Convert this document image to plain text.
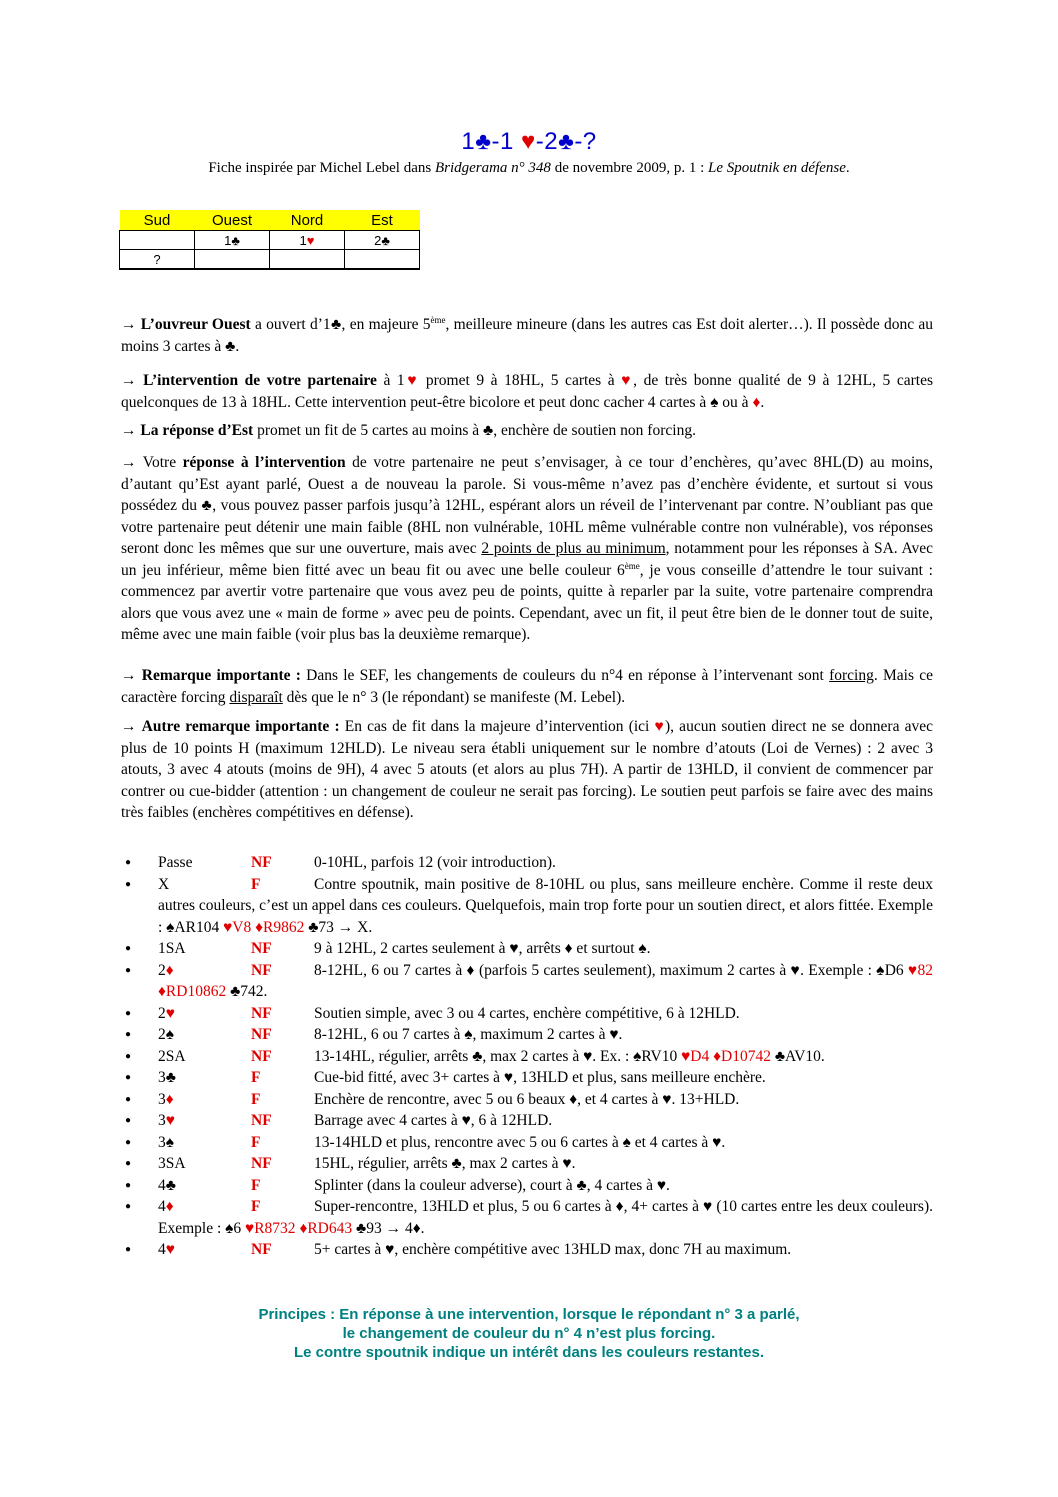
1♣-1 ♥-2♣-?
Fiche inspirée par Michel Lebel dans Bridgerama n° 348 de novembre 2009, p. 1 : Le Spoutnik en défense.
Sud	Ouest	Nord	Est
	1♣	1♥	2♣
?			
→ L’ouvreur Ouest a ouvert d’1♣, en majeure 5ème, meilleure mineure (dans les autres cas Est doit alerter…). Il possède donc au moins 3 cartes à ♣.
→ L’intervention de votre partenaire à 1♥ promet 9 à 18HL, 5 cartes à ♥, de très bonne qualité de 9 à 12HL, 5 cartes quelconques de 13 à 18HL. Cette intervention peut-être bicolore et peut donc cacher 4 cartes à ♠ ou à ♦.
→ La réponse d’Est promet un fit de 5 cartes au moins à ♣, enchère de soutien non forcing.
→ Votre réponse à l’intervention de votre partenaire ne peut s’envisager, à ce tour d’enchères, qu’avec 8HL(D) au moins, d’autant qu’Est ayant parlé, Ouest a de nouveau la parole. Si vous-même n’avez pas d’enchère évidente, et surtout si vous possédez du ♣, vous pouvez passer parfois jusqu’à 12HL, espérant alors un réveil de l’intervenant par contre. N’oubliant pas que votre partenaire peut détenir une main faible (8HL non vulnérable, 10HL même vulnérable contre non vulnérable), vos réponses seront donc les mêmes que sur une ouverture, mais avec 2 points de plus au minimum, notamment pour les réponses à SA. Avec un jeu inférieur, même bien fitté avec un beau fit ou avec une belle couleur 6ème, je vous conseille d’attendre le tour suivant : commencez par avertir votre partenaire que vous avez peu de points, quitte à reparler par la suite, votre partenaire comprendra alors que vous avez une « main de forme » avec peu de points. Cependant, avec un fit, il peut être bien de le donner tout de suite, même avec une main faible (voir plus bas la deuxième remarque).
→ Remarque importante : Dans le SEF, les changements de couleurs du n°4 en réponse à l’intervenant sont forcing. Mais ce caractère forcing disparaît dès que le n° 3 (le répondant) se manifeste (M. Lebel).
→ Autre remarque importante : En cas de fit dans la majeure d’intervention (ici ♥), aucun soutien direct ne se donnera avec plus de 10 points H (maximum 12HLD). Le niveau sera établi uniquement sur le nombre d’atouts (Loi de Vernes) : 2 avec 3 atouts, 3 avec 4 atouts (moins de 9H), 4 avec 5 atouts (et alors au plus 7H). A partir de 13HLD, il convient de commencer par contrer ou cue-bidder (attention : un changement de couleur ne serait pas forcing). Le soutien peut parfois se faire avec des mains très faibles (enchères compétitives en défense).
● Passe	NF	0-10HL, parfois 12 (voir introduction).
● X	F	Contre spoutnik, main positive de 8-10HL ou plus, sans meilleure enchère. Comme il reste deux autres couleurs, c’est un appel dans ces couleurs. Quelquefois, main trop forte pour un soutien direct, et alors fittée. Exemple : ♠AR104 ♥V8 ♦R9862 ♣73 → X.
● 1SA	NF	9 à 12HL, 2 cartes seulement à ♥, arrêts ♦ et surtout ♠.
● 2♦	NF	8-12HL, 6 ou 7 cartes à ♦ (parfois 5 cartes seulement), maximum 2 cartes à ♥. Exemple : ♠D6 ♥82 ♦RD10862 ♣742.
● 2♥	NF	Soutien simple, avec 3 ou 4 cartes, enchère compétitive, 6 à 12HLD.
● 2♠	NF	8-12HL, 6 ou 7 cartes à ♠, maximum 2 cartes à ♥.
● 2SA	NF	13-14HL, régulier, arrêts ♣, max 2 cartes à ♥. Ex. : ♠RV10 ♥D4 ♦D10742 ♣AV10.
● 3♣	F	Cue-bid fitté, avec 3+ cartes à ♥, 13HLD et plus, sans meilleure enchère.
● 3♦	F	Enchère de rencontre, avec 5 ou 6 beaux ♦, et 4 cartes à ♥. 13+HLD.
● 3♥	NF	Barrage avec 4 cartes à ♥, 6 à 12HLD.
● 3♠	F	13-14HLD et plus, rencontre avec 5 ou 6 cartes à ♠ et 4 cartes à ♥.
● 3SA	NF	15HL, régulier, arrêts ♣, max 2 cartes à ♥.
● 4♣	F	Splinter (dans la couleur adverse), court à ♣, 4 cartes à ♥.
● 4♦	F	Super-rencontre, 13HLD et plus, 5 ou 6 cartes à ♦, 4+ cartes à ♥ (10 cartes entre les deux couleurs). Exemple : ♠6 ♥R8732 ♦RD643 ♣93 → 4♦.
● 4♥	NF	5+ cartes à ♥, enchère compétitive avec 13HLD max, donc 7H au maximum.
Principes : En réponse à une intervention, lorsque le répondant n° 3 a parlé,
le changement de couleur du n° 4 n’est plus forcing.
Le contre spoutnik indique un intérêt dans les couleurs restantes.
